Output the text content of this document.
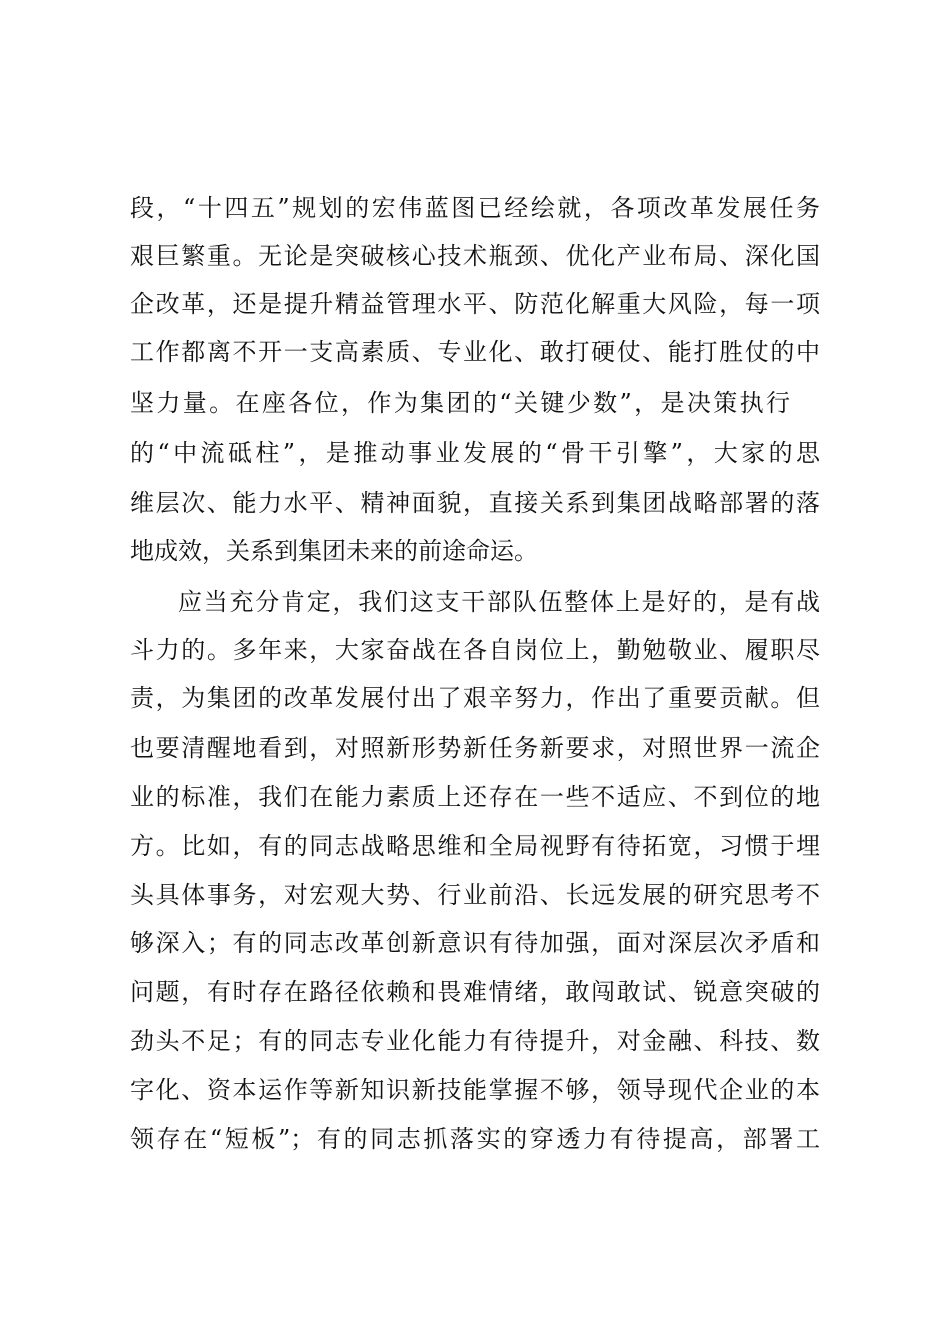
段，“十四五”规划的宏伟蓝图已经绘就，各项改革发展任务
艰巨繁重。无论是突破核心技术瓶颈、优化产业布局、深化国
企改革，还是提升精益管理水平、防范化解重大风险，每一项
工作都离不开一支高素质、专业化、敢打硬仗、能打胜仗的中
坚力量。在座各位，作为集团的“关键少数”，是决策执行
的“中流砥柱”，是推动事业发展的“骨干引擎”，大家的思
维层次、能力水平、精神面貌，直接关系到集团战略部署的落
地成效，关系到集团未来的前途命运。
应当充分肯定，我们这支干部队伍整体上是好的，是有战
斗力的。多年来，大家奋战在各自岗位上，勤勉敬业、履职尽
责，为集团的改革发展付出了艰辛努力，作出了重要贡献。但
也要清醒地看到，对照新形势新任务新要求，对照世界一流企
业的标准，我们在能力素质上还存在一些不适应、不到位的地
方。比如，有的同志战略思维和全局视野有待拓宽，习惯于埋
头具体事务，对宏观大势、行业前沿、长远发展的研究思考不
够深入；有的同志改革创新意识有待加强，面对深层次矛盾和
问题，有时存在路径依赖和畏难情绪，敢闯敢试、锐意突破的
劲头不足；有的同志专业化能力有待提升，对金融、科技、数
字化、资本运作等新知识新技能掌握不够，领导现代企业的本
领存在“短板”；有的同志抓落实的穿透力有待提高，部署工
